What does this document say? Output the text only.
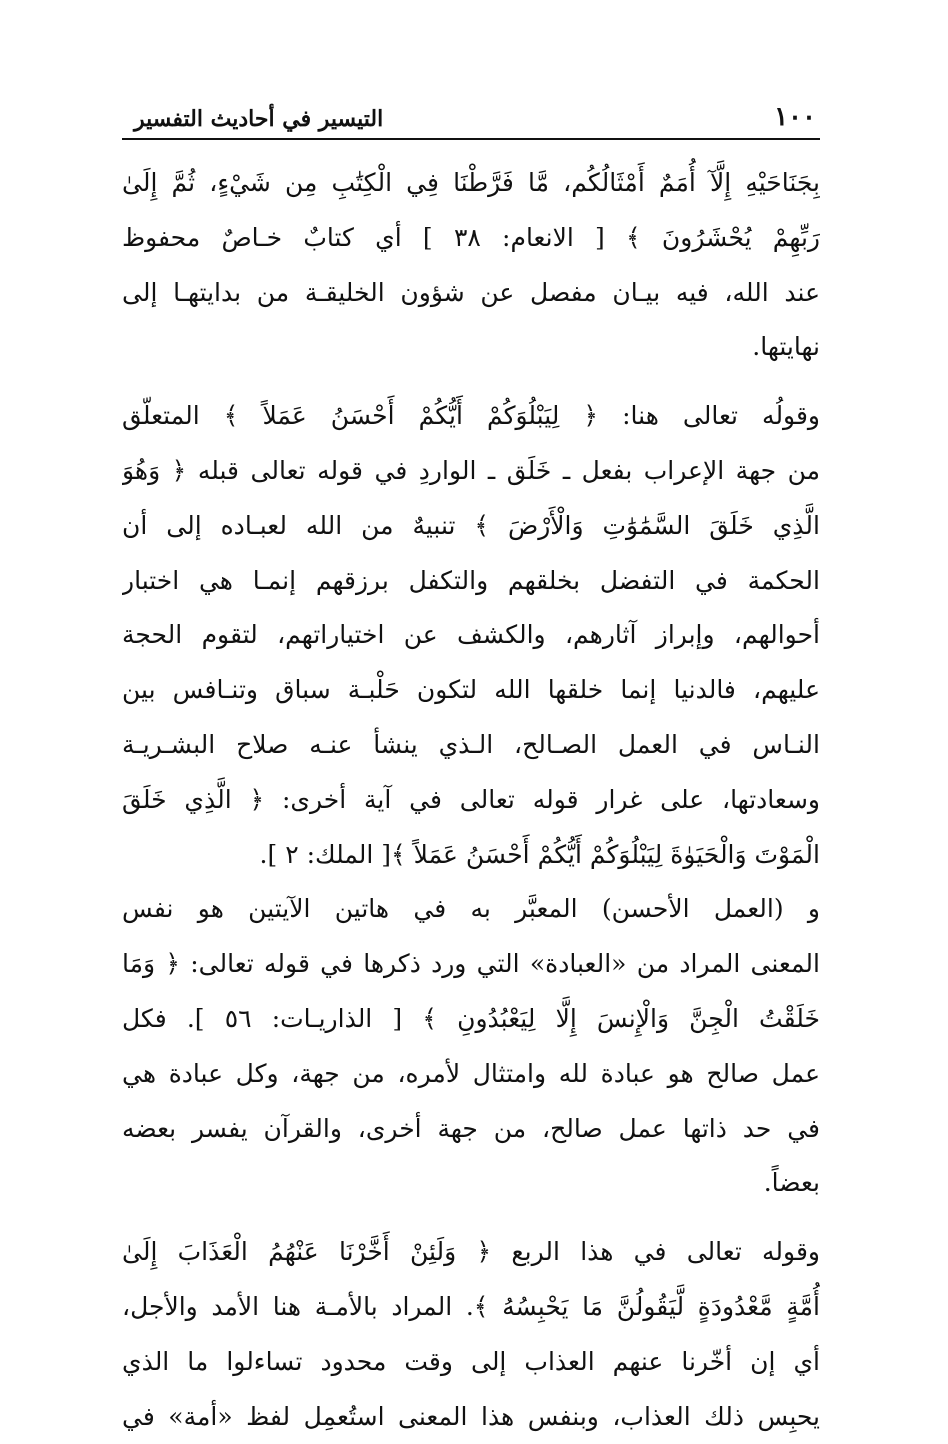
١٠٠
التيسير في أحاديث التفسير
بِجَنَاحَيْهِ إِلَّآ أُمَمٌ أَمْثَالُكُم، مَّا فَرَّطْنَا فِي الْكِتَٰبِ مِن شَيْءٍ، ثُمَّ إِلَىٰ
رَبِّهِمْ يُحْشَرُونَ ﴾ [ الانعام: ٣٨ ] أي كتابٌ خـاصٌ محفوظ
عند الله، فيه بيـان مفصل عن شؤون الخليقـة من بدايتهـا إلى
نهايتها.
وقولُه تعالى هنا: ﴿ لِيَبْلُوَكُمْ أَيُّكُمْ أَحْسَنُ عَمَلاً ﴾ المتعلّق
من جهة الإعراب بفعل ـ خَلَق ـ الواردِ في قوله تعالى قبله ﴿ وَهُوَ
الَّذِي خَلَقَ السَّمَٰوَٰتِ وَالْأَرْضَ ﴾ تنبيهٌ من الله لعبـاده إلى أن
الحكمة في التفضل بخلقهم والتكفل برزقهم إنمـا هي اختبار
أحوالهم، وإبراز آثارهم، والكشف عن اختياراتهم، لتقوم الحجة
عليهم، فالدنيا إنما خلقها الله لتكون حَلْبـة سباق وتنـافس بين
النـاس في العمل الصـالح، الـذي ينشأ عنـه صلاح البشـريـة
وسعادتها، على غرار قوله تعالى في آية أخرى: ﴿ الَّذِي خَلَقَ
الْمَوْتَ وَالْحَيَوٰةَ لِيَبْلُوَكُمْ أَيُّكُمْ أَحْسَنُ عَمَلاً ﴾[ الملك: ٢ ].
و (العمل الأحسن) المعبَّر به في هاتين الآيتين هو نفس
المعنى المراد من «العبادة» التي ورد ذكرها في قوله تعالى: ﴿ وَمَا
خَلَقْتُ الْجِنَّ وَالْإِنسَ إِلَّا لِيَعْبُدُونِ ﴾ [ الذاريـات: ٥٦ ]. فكل
عمل صالح هو عبادة لله وامتثال لأمره، من جهة، وكل عبادة هي
في حد ذاتها عمل صالح، من جهة أخرى، والقرآن يفسر بعضه
بعضاً.
وقوله تعالى في هذا الربع ﴿ وَلَئِنْ أَخَّرْنَا عَنْهُمُ الْعَذَابَ إِلَىٰ
أُمَّةٍ مَّعْدُودَةٍ لَّيَقُولُنَّ مَا يَحْبِسُهُ ﴾. المراد بالأمـة هنا الأمد والأجل،
أي إن أخّرنا عنهم العذاب إلى وقت محدود تساءلوا ما الذي
يحبِس ذلك العذاب، وبنفس هذا المعنى استُعمِل لفظ «أمة» في
